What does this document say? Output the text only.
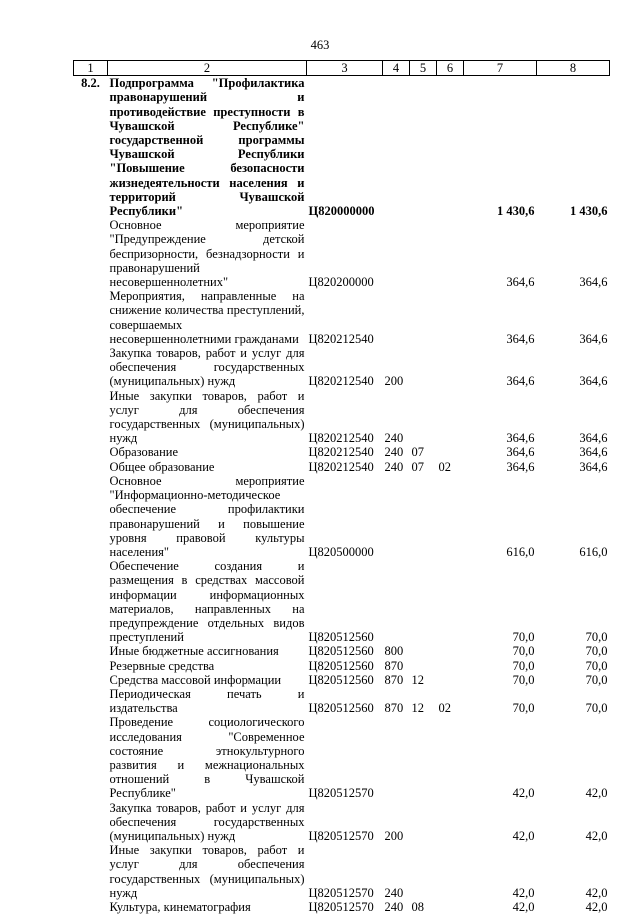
463
1	2	3	4	5	6	7	8
8.2.	Подпрограмма "Профилактика правонарушений и противодействие преступности в Чувашской Республике" государственной программы Чувашской Республики "Повышение безопасности жизнедеятельности населения и территорий Чувашской Республики"	Ц820000000				1 430,6	1 430,6
	Основное мероприятие "Предупреждение детской беспризорности, безнадзорности и правонарушений несовершеннолетних"	Ц820200000				364,6	364,6
	Мероприятия, направленные на снижение количества преступлений, совершаемых несовершеннолетними гражданами	Ц820212540				364,6	364,6
	Закупка товаров, работ и услуг для обеспечения государственных (муниципальных) нужд	Ц820212540	200			364,6	364,6
	Иные закупки товаров, работ и услуг для обеспечения государственных (муниципальных) нужд	Ц820212540	240			364,6	364,6
	Образование	Ц820212540	240	07		364,6	364,6
	Общее образование	Ц820212540	240	07	02	364,6	364,6
	Основное мероприятие "Информационно-методическое обеспечение профилактики правонарушений и повышение уровня правовой культуры населения"	Ц820500000				616,0	616,0
	Обеспечение создания и размещения в средствах массовой информации информационных материалов, направленных на предупреждение отдельных видов преступлений	Ц820512560				70,0	70,0
	Иные бюджетные ассигнования	Ц820512560	800			70,0	70,0
	Резервные средства	Ц820512560	870			70,0	70,0
	Средства массовой информации	Ц820512560	870	12		70,0	70,0
	Периодическая печать и издательства	Ц820512560	870	12	02	70,0	70,0
	Проведение социологического исследования "Современное состояние этнокультурного развития и межнациональных отношений в Чувашской Республике"	Ц820512570				42,0	42,0
	Закупка товаров, работ и услуг для обеспечения государственных (муниципальных) нужд	Ц820512570	200			42,0	42,0
	Иные закупки товаров, работ и услуг для обеспечения государственных (муниципальных) нужд	Ц820512570	240			42,0	42,0
	Культура, кинематография	Ц820512570	240	08		42,0	42,0
